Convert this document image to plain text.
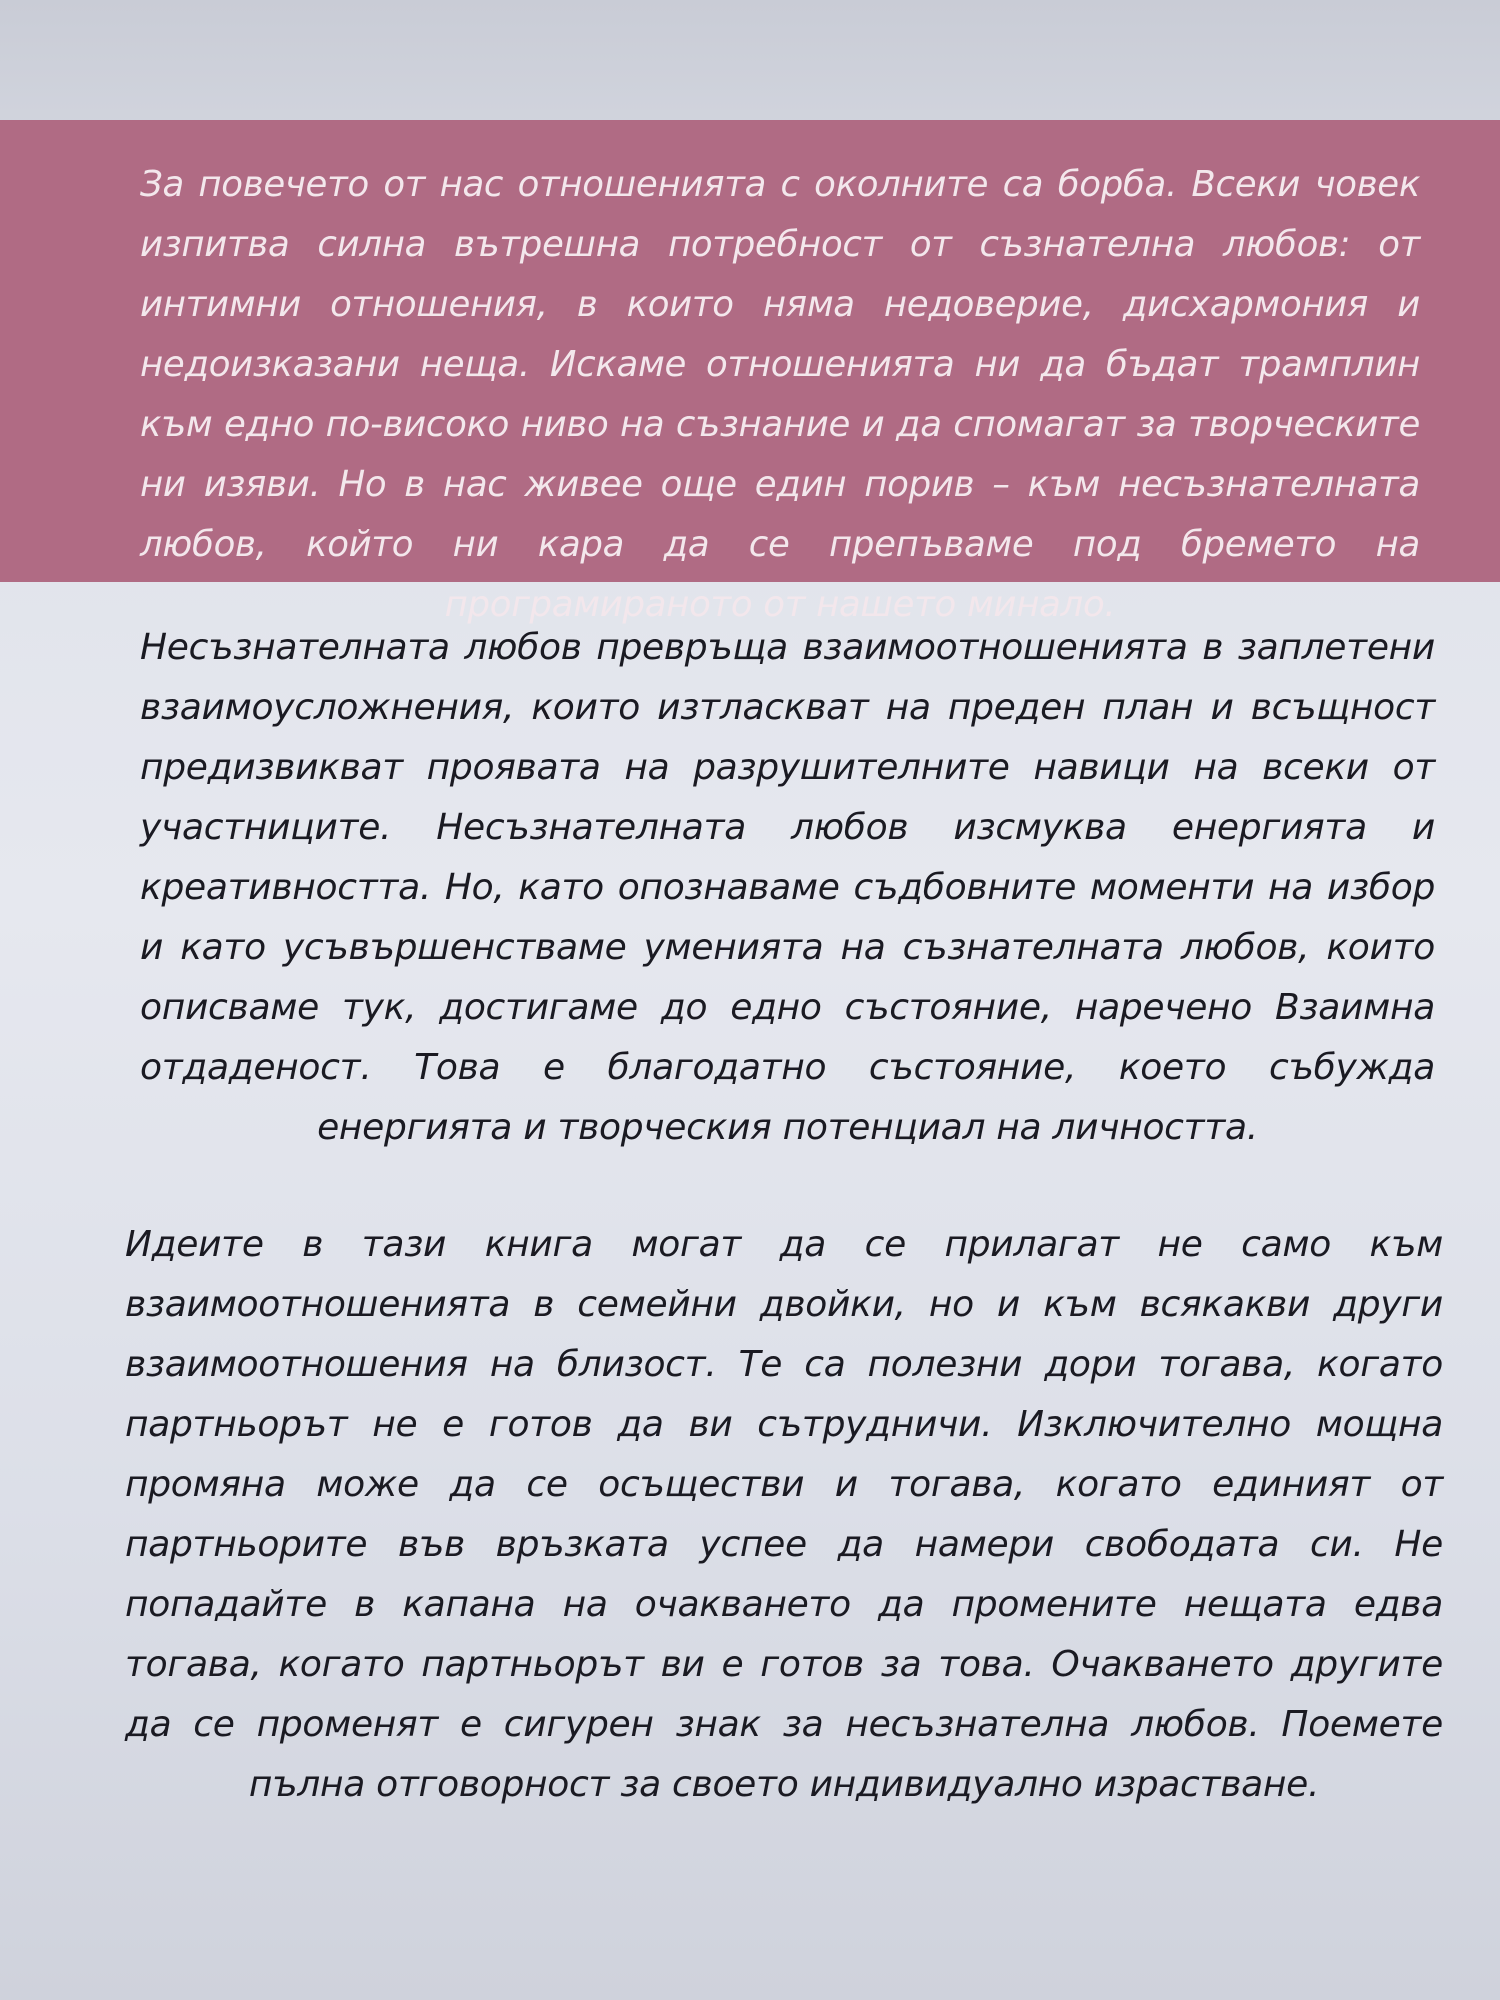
За повечето от нас отношенията с околните са борба. Всеки човек изпитва силна вътрешна потребност от съзнателна любов: от интимни отношения, в които няма недоверие, дисхармония и недоизказани неща. Искаме отношенията ни да бъдат трамплин към едно по-високо ниво на съзнание и да спомагат за творческите ни изяви. Но в нас живее още един порив – към несъзнателната любов, който ни кара да се препъваме под бремето на програмираното от нашето минало.

Несъзнателната любов превръща взаимоотношенията в заплетени взаимоусложнения, които изтласкват на преден план и всъщност предизвикват проявата на разрушителните навици на всеки от участниците. Несъзнателната любов изсмуква енергията и креативността. Но, като опознаваме съдбовните моменти на избор и като усъвършенстваме уменията на съзнателната любов, които описваме тук, достигаме до едно състояние, наречено Взаимна отдаденост. Това е благодатно състояние, което събужда енергията и творческия потенциал на личността.

Идеите в тази книга могат да се прилагат не само към взаимоотношенията в семейни двойки, но и към всякакви други взаимоотношения на близост. Те са полезни дори тогава, когато партньорът не е готов да ви сътрудничи. Изключително мощна промяна може да се осъществи и тогава, когато единият от партньорите във връзката успее да намери свободата си. Не попадайте в капана на очакването да промените нещата едва тогава, когато партньорът ви е готов за това. Очакването другите да се променят е сигурен знак за несъзнателна любов. Поемете пълна отговорност за своето индивидуално израстване.
